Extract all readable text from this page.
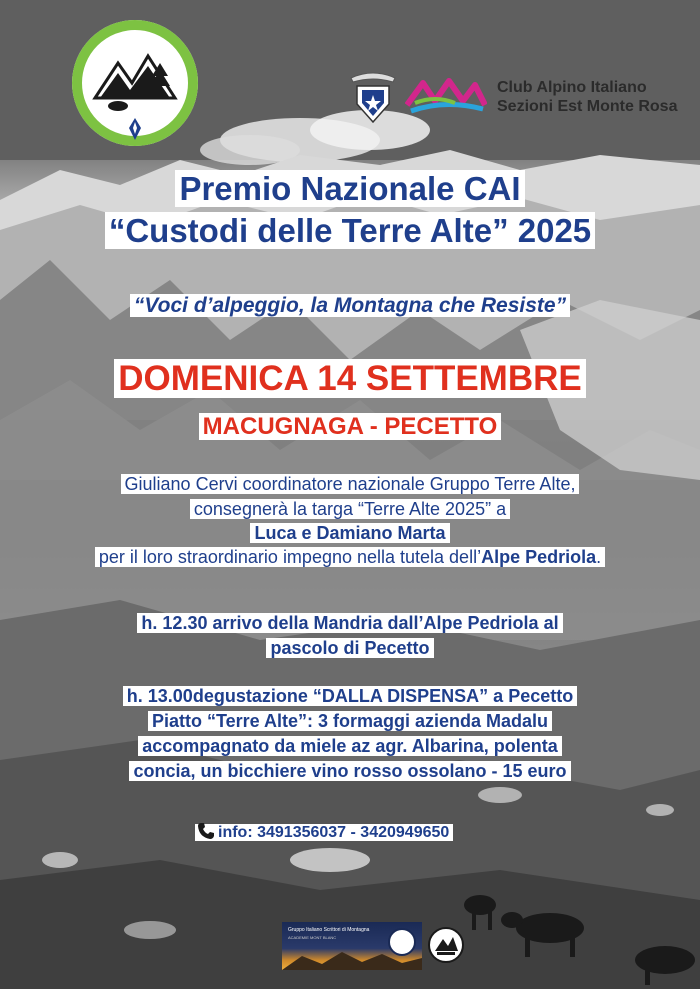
Club Alpino Italiano
Sezioni Est Monte Rosa
Premio Nazionale CAI
“Custodi delle Terre Alte” 2025
“Voci d’alpeggio, la Montagna che Resiste”
DOMENICA 14 SETTEMBRE
MACUGNAGA - PECETTO
Giuliano Cervi coordinatore nazionale Gruppo Terre Alte,
consegnerà la targa “Terre Alte 2025” a
Luca e Damiano Marta
per il loro straordinario impegno nella tutela dell’Alpe Pedriola.
h. 12.30 arrivo della Mandria dall’Alpe Pedriola al
pascolo di Pecetto
h. 13.00degustazione “DALLA DISPENSA” a Pecetto
Piatto “Terre Alte”: 3 formaggi azienda Madalu
accompagnato da miele az agr. Albarina, polenta
concia, un bicchiere vino rosso ossolano - 15 euro
info: 3491356037 - 3420949650
Gruppo Italiano Scrittori di Montagna
ACADEMIE MONT BLANC
